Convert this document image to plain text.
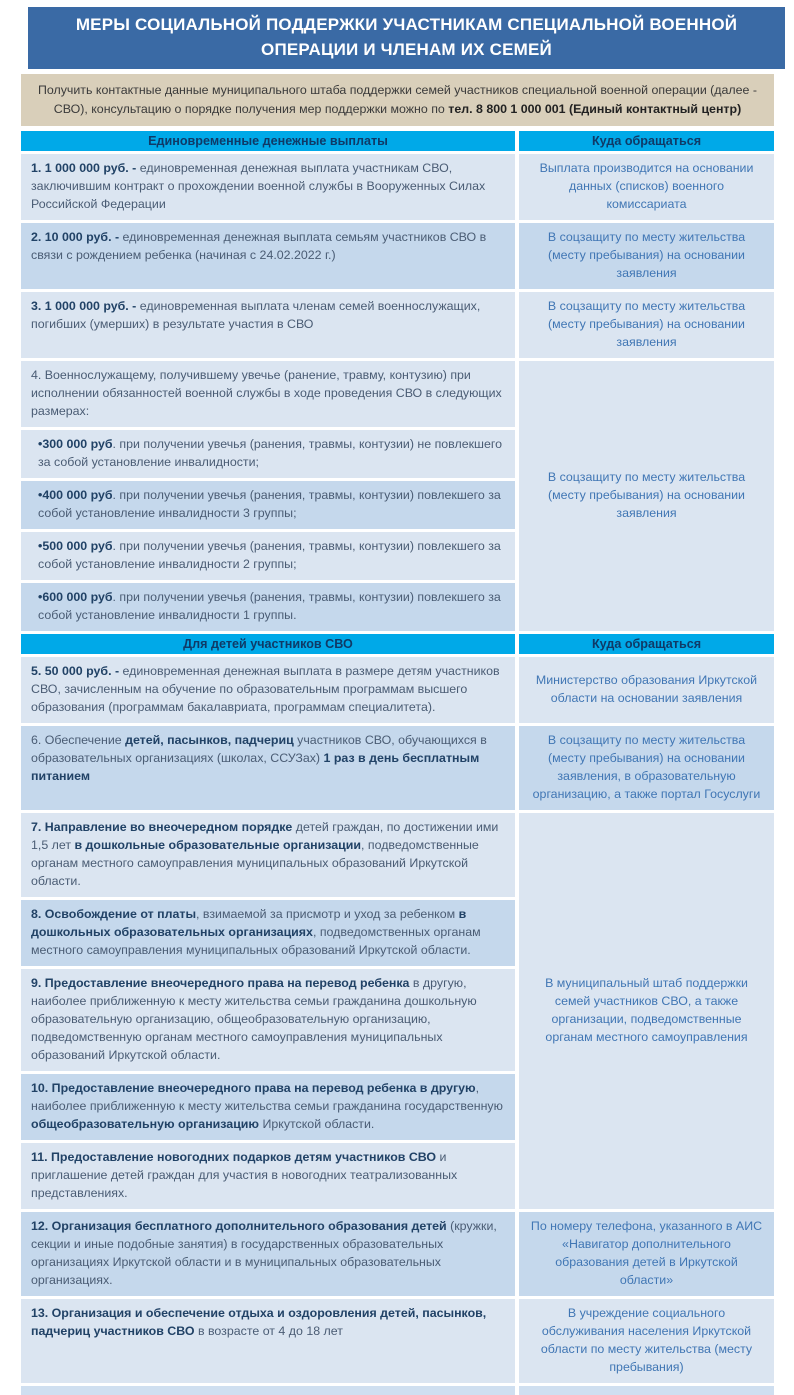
МЕРЫ СОЦИАЛЬНОЙ ПОДДЕРЖКИ УЧАСТНИКАМ СПЕЦИАЛЬНОЙ ВОЕННОЙ ОПЕРАЦИИ И ЧЛЕНАМ ИХ СЕМЕЙ
Получить контактные данные муниципального штаба поддержки семей участников специальной военной операции (далее - СВО), консультацию о порядке получения мер поддержки можно по тел. 8 800 1 000 001 (Единый контактный центр)
Единовременные денежные выплаты	Куда обращаться
1. 1 000 000 руб. - единовременная денежная выплата участникам СВО, заключившим контракт о прохождении военной службы в Вооруженных Силах Российской Федерации
Выплата производится на основании данных (списков) военного комиссариата
2. 10 000 руб. - единовременная денежная выплата семьям участников СВО в связи с рождением ребенка (начиная с 24.02.2022 г.)
В соцзащиту по месту жительства (месту пребывания) на основании заявления
3. 1 000 000 руб. - единовременная выплата членам семей военнослужащих, погибших (умерших) в результате участия в СВО
В соцзащиту по месту жительства (месту пребывания) на основании заявления
4. Военнослужащему, получившему увечье (ранение, травму, контузию) при исполнении обязанностей военной службы в ходе проведения СВО в следующих размерах:
•300 000 руб. при получении увечья (ранения, травмы, контузии) не повлекшего за собой установление инвалидности;
•400 000 руб. при получении увечья (ранения, травмы, контузии) повлекшего за собой установление инвалидности 3 группы;
•500 000 руб. при получении увечья (ранения, травмы, контузии) повлекшего за собой установление инвалидности 2 группы;
•600 000 руб. при получении увечья (ранения, травмы, контузии) повлекшего за собой установление инвалидности 1 группы.
В соцзащиту по месту жительства (месту пребывания) на основании заявления
Для детей участников СВО	Куда обращаться
5. 50 000 руб. - единовременная денежная выплата в размере детям участников СВО, зачисленным на обучение по образовательным программам высшего образования (программам бакалавриата, программам специалитета).
Министерство образования Иркутской области на основании заявления
6. Обеспечение детей, пасынков, падчериц участников СВО, обучающихся в образовательных организациях (школах, ССУЗах) 1 раз в день бесплатным питанием
В соцзащиту по месту жительства (месту пребывания) на основании заявления, в образовательную организацию, а также портал Госуслуги
7. Направление во внеочередном порядке детей граждан, по достижении ими 1,5 лет в дошкольные образовательные организации, подведомственные органам местного самоуправления муниципальных образований Иркутской области.
8. Освобождение от платы, взимаемой за присмотр и уход за ребенком в дошкольных образовательных организациях, подведомственных органам местного самоуправления муниципальных образований Иркутской области.
9. Предоставление внеочередного права на перевод ребенка в другую, наиболее приближенную к месту жительства семьи гражданина дошкольную образовательную организацию, общеобразовательную организацию, подведомственную органам местного самоуправления муниципальных образований Иркутской области.
10. Предоставление внеочередного права на перевод ребенка в другую, наиболее приближенную к месту жительства семьи гражданина государственную общеобразовательную организацию Иркутской области.
11. Предоставление новогодних подарков детям участников СВО и приглашение детей граждан для участия в новогодних театрализованных представлениях.
В муниципальный штаб поддержки семей участников СВО, а также организации, подведомственные органам местного самоуправления
12. Организация бесплатного дополнительного образования детей (кружки, секции и иные подобные занятия) в государственных образовательных организациях Иркутской области и в муниципальных образовательных организациях.
По номеру телефона, указанного в АИС «Навигатор дополнительного образования детей в Иркутской области»
13. Организация и обеспечение отдыха и оздоровления детей, пасынков, падчериц участников СВО в возрасте от 4 до 18 лет
В учреждение социального обслуживания населения Иркутской области по месту жительства (месту пребывания)
